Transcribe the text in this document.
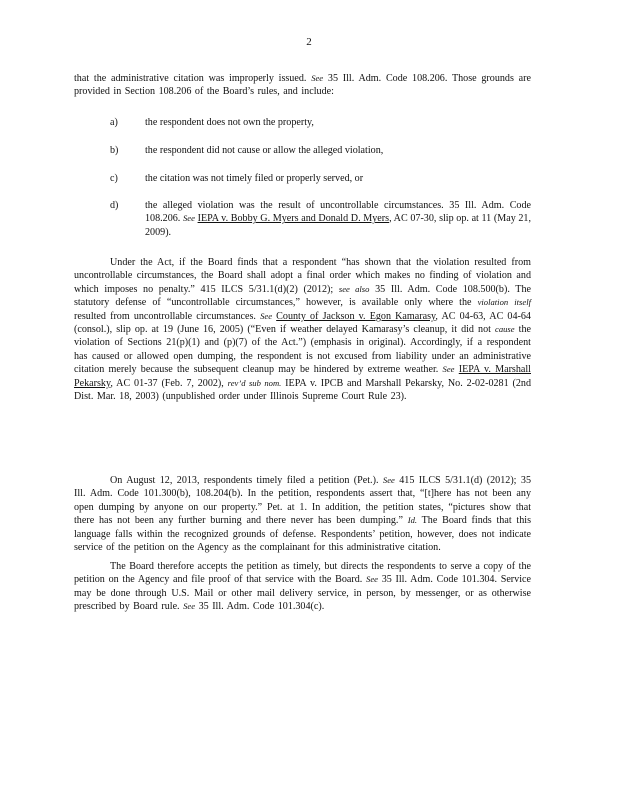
2
that the administrative citation was improperly issued. See 35 Ill. Adm. Code 108.206. Those grounds are provided in Section 108.206 of the Board’s rules, and include:
a)	the respondent does not own the property,
b)	the respondent did not cause or allow the alleged violation,
c)	the citation was not timely filed or properly served, or
d)	the alleged violation was the result of uncontrollable circumstances. 35 Ill. Adm. Code 108.206. See IEPA v. Bobby G. Myers and Donald D. Myers, AC 07-30, slip op. at 11 (May 21, 2009).
Under the Act, if the Board finds that a respondent “has shown that the violation resulted from uncontrollable circumstances, the Board shall adopt a final order which makes no finding of violation and which imposes no penalty.” 415 ILCS 5/31.1(d)(2) (2012); see also 35 Ill. Adm. Code 108.500(b). The statutory defense of “uncontrollable circumstances,” however, is available only where the violation itself resulted from uncontrollable circumstances. See County of Jackson v. Egon Kamarasy, AC 04-63, AC 04-64 (consol.), slip op. at 19 (June 16, 2005) (“Even if weather delayed Kamarasy’s cleanup, it did not cause the violation of Sections 21(p)(1) and (p)(7) of the Act.”) (emphasis in original). Accordingly, if a respondent has caused or allowed open dumping, the respondent is not excused from liability under an administrative citation merely because the subsequent cleanup may be hindered by extreme weather. See IEPA v. Marshall Pekarsky, AC 01-37 (Feb. 7, 2002), rev’d sub nom. IEPA v. IPCB and Marshall Pekarsky, No. 2-02-0281 (2nd Dist. Mar. 18, 2003) (unpublished order under Illinois Supreme Court Rule 23).
On August 12, 2013, respondents timely filed a petition (Pet.). See 415 ILCS 5/31.1(d) (2012); 35 Ill. Adm. Code 101.300(b), 108.204(b). In the petition, respondents assert that, “[t]here has not been any open dumping by anyone on our property.” Pet. at 1. In addition, the petition states, “pictures show that there has not been any further burning and there never has been dumping.” Id. The Board finds that this language falls within the recognized grounds of defense. Respondents’ petition, however, does not indicate service of the petition on the Agency as the complainant for this administrative citation.
The Board therefore accepts the petition as timely, but directs the respondents to serve a copy of the petition on the Agency and file proof of that service with the Board. See 35 Ill. Adm. Code 101.304. Service may be done through U.S. Mail or other mail delivery service, in person, by messenger, or as otherwise prescribed by Board rule. See 35 Ill. Adm. Code 101.304(c).
